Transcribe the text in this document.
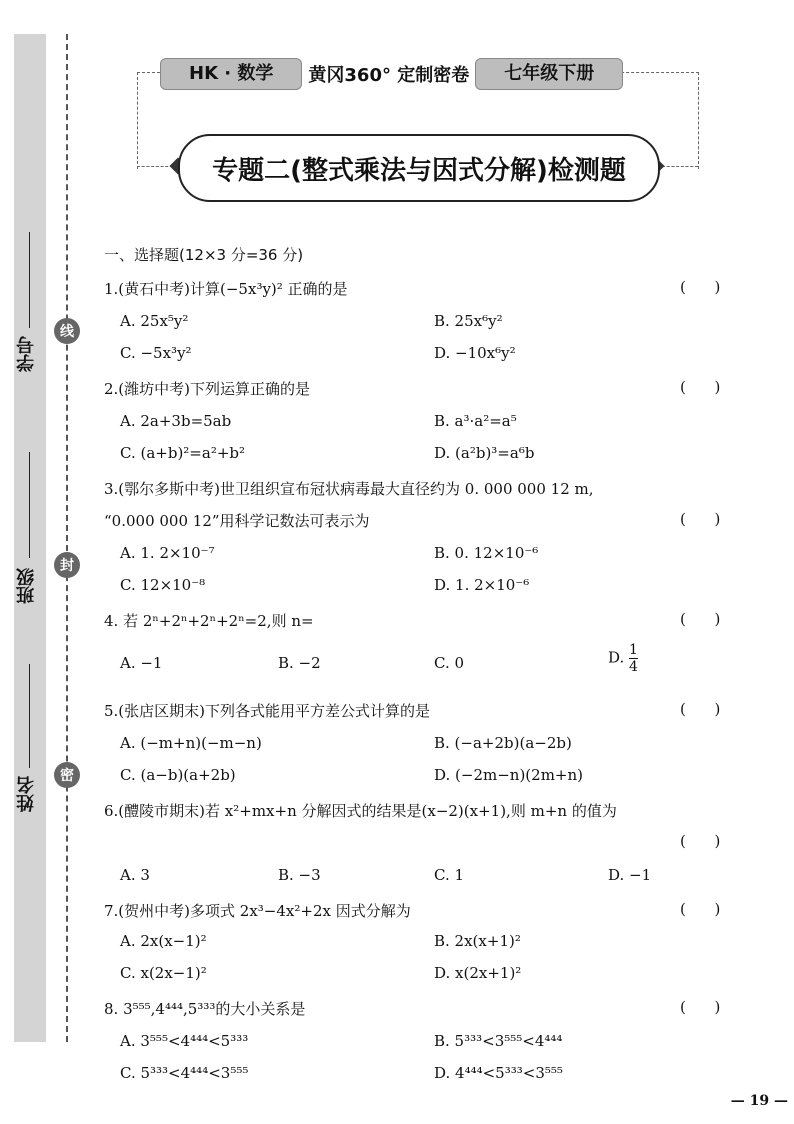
学号
班级
姓名
线
封
密
HK · 数学	黄冈360° 定制密卷	七年级下册
专题二(整式乘法与因式分解)检测题
一、选择题(12×3 分=36 分)
1.(黄石中考)计算(−5x³y)² 正确的是	(      )
A. 25x⁵y²	B. 25x⁶y²
C. −5x³y²	D. −10x⁶y²
2.(潍坊中考)下列运算正确的是	(      )
A. 2a+3b=5ab	B. a³·a²=a⁵
C. (a+b)²=a²+b²	D. (a²b)³=a⁶b
3.(鄂尔多斯中考)世卫组织宣布冠状病毒最大直径约为 0. 000 000 12 m,
“0.000 000 12”用科学记数法可表示为	(      )
A. 1. 2×10⁻⁷	B. 0. 12×10⁻⁶
C. 12×10⁻⁸	D. 1. 2×10⁻⁶
4. 若 2ⁿ+2ⁿ+2ⁿ+2ⁿ=2,则 n=	(      )
A. −1	B. −2	C. 0	D. $\frac{1}{4}$
5.(张店区期末)下列各式能用平方差公式计算的是	(      )
A. (−m+n)(−m−n)	B. (−a+2b)(a−2b)
C. (a−b)(a+2b)	D. (−2m−n)(2m+n)
6.(醴陵市期末)若 x²+mx+n 分解因式的结果是(x−2)(x+1),则 m+n 的值为
(      )
A. 3	B. −3	C. 1	D. −1
7.(贺州中考)多项式 2x³−4x²+2x 因式分解为	(      )
A. 2x(x−1)²	B. 2x(x+1)²
C. x(2x−1)²	D. x(2x+1)²
8. 3⁵⁵⁵,4⁴⁴⁴,5³³³的大小关系是	(      )
A. 3⁵⁵⁵<4⁴⁴⁴<5³³³	B. 5³³³<3⁵⁵⁵<4⁴⁴⁴
C. 5³³³<4⁴⁴⁴<3⁵⁵⁵	D. 4⁴⁴⁴<5³³³<3⁵⁵⁵
— 19 —
